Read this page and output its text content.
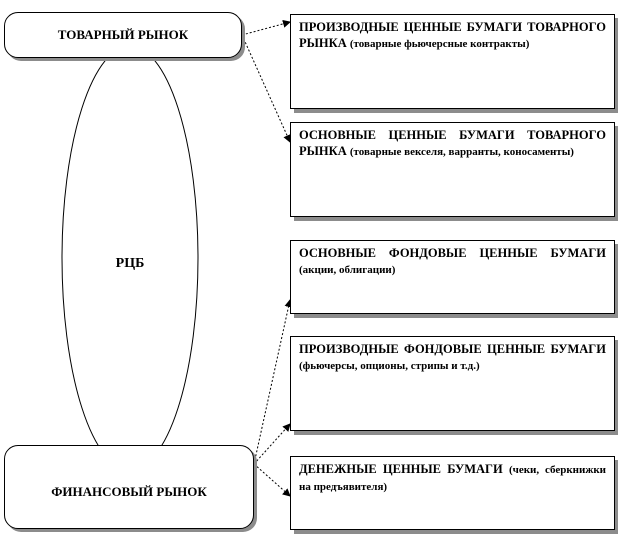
ТОВАРНЫЙ РЫНОК
РЦБ
ФИНАНСОВЫЙ РЫНОК
ПРОИЗВОДНЫЕ ЦЕННЫЕ БУМАГИ ТОВАРНОГО РЫНКА (товарные фьючерсные контракты)
ОСНОВНЫЕ ЦЕННЫЕ БУМАГИ ТОВАРНОГО РЫНКА (товарные векселя, варранты, коносаменты)
ОСНОВНЫЕ ФОНДОВЫЕ ЦЕННЫЕ БУМАГИ (акции, облигации)
ПРОИЗВОДНЫЕ ФОНДОВЫЕ ЦЕННЫЕ БУМАГИ (фьючерсы, опционы, стрипы и т.д.)
ДЕНЕЖНЫЕ ЦЕННЫЕ БУМАГИ (чеки, сберкнижки на предъявителя)
